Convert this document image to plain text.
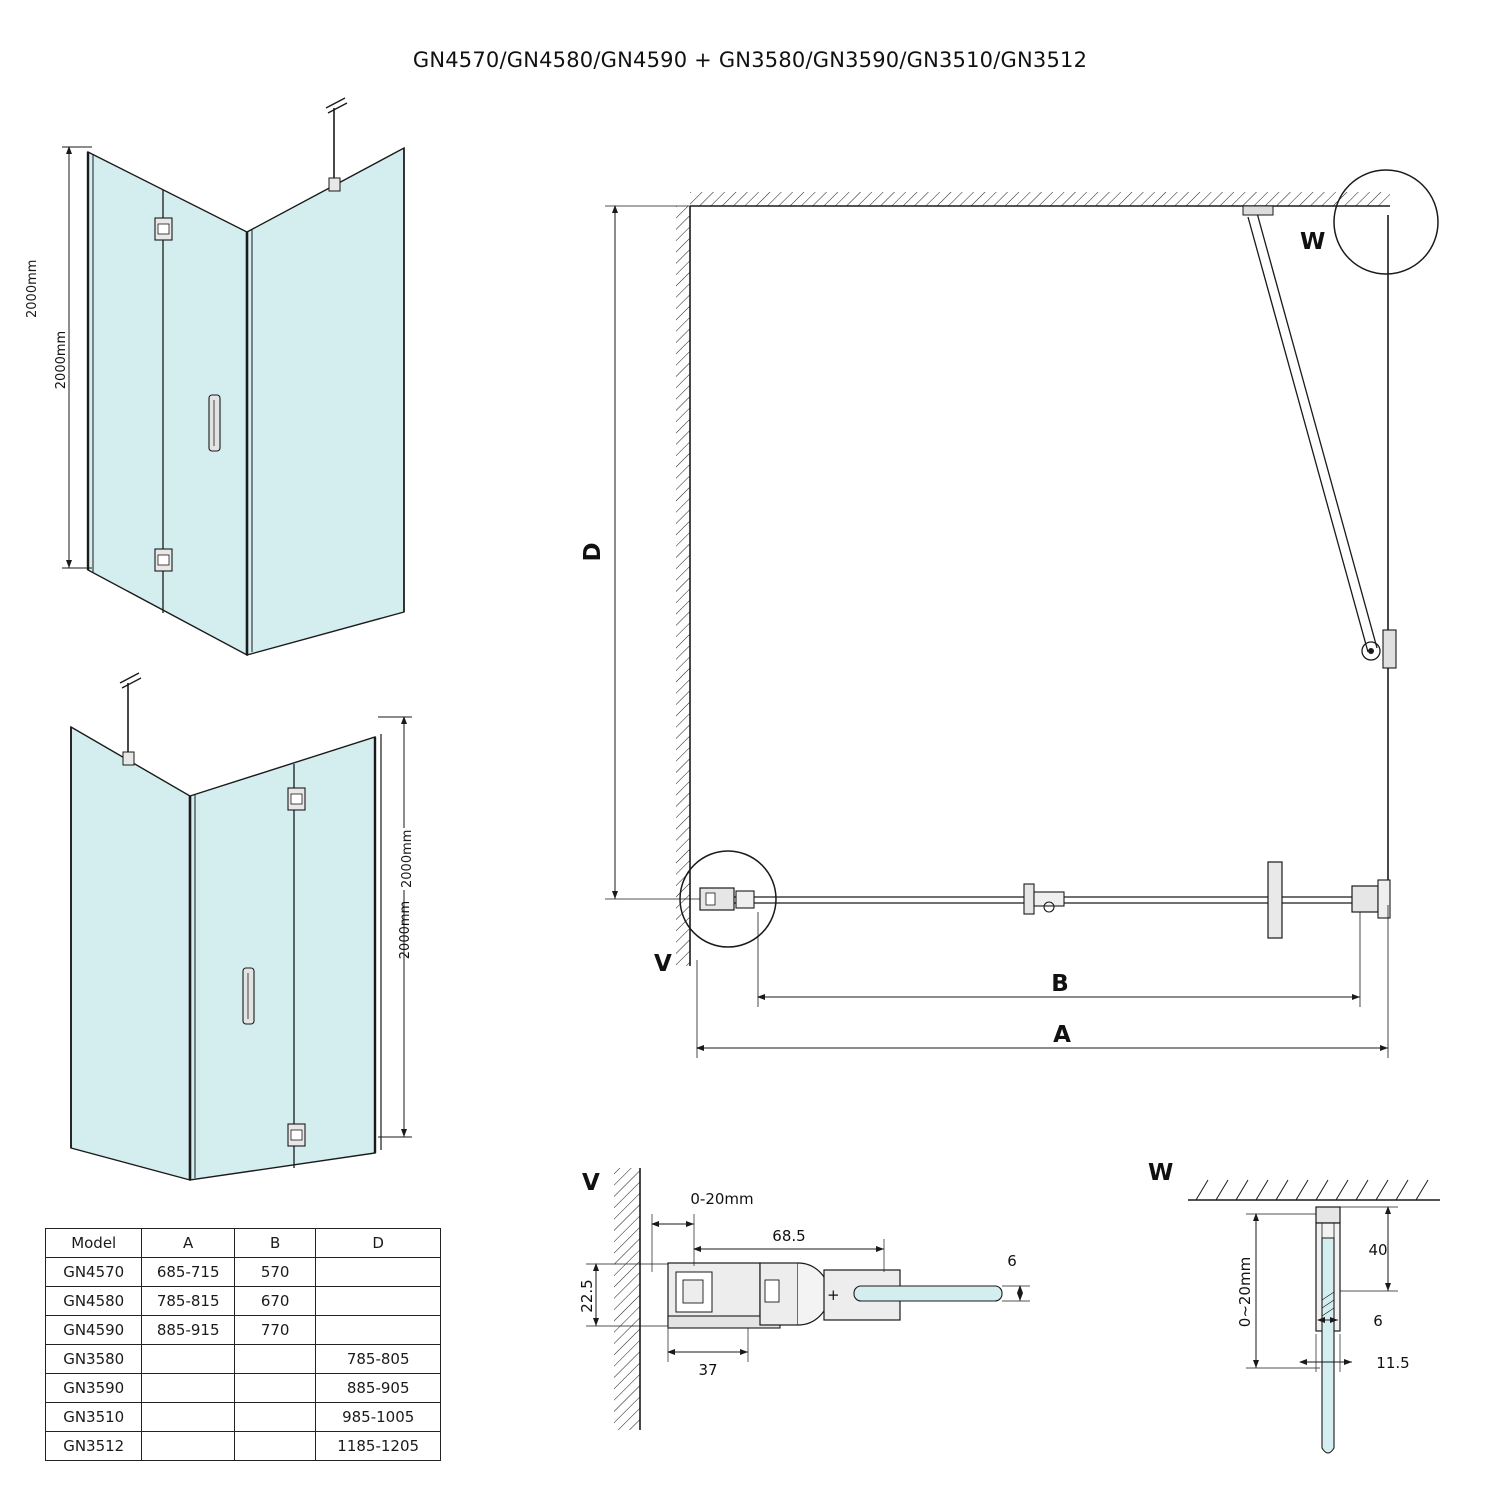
GN4570/GN4580/GN4590 + GN3580/GN3590/GN3510/GN3512
2000mm
2000mm
V
W
D
B
A
V
+
0-20mm
68.5
22.5
37
6
W
40
0~20mm	6
11.5
2000mm
2000mm
Model	A	B	D
GN4570	685-715	570	
GN4580	785-815	670	
GN4590	885-915	770	
GN3580			785-805
GN3590			885-905
GN3510			985-1005
GN3512			1185-1205
